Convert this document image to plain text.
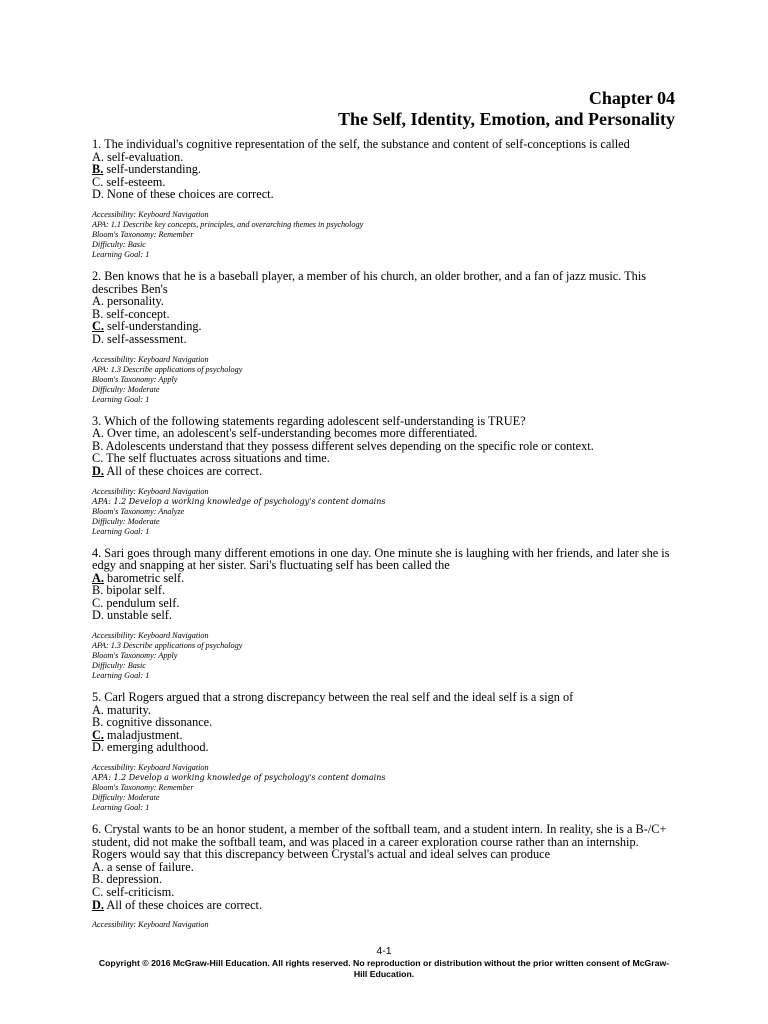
Chapter 04
The Self, Identity, Emotion, and Personality
1. The individual's cognitive representation of the self, the substance and content of self-conceptions is called
A. self-evaluation.
B. self-understanding.
C. self-esteem.
D. None of these choices are correct.
Accessibility: Keyboard Navigation
APA: 1.1 Describe key concepts, principles, and overarching themes in psychology
Bloom's Taxonomy: Remember
Difficulty: Basic
Learning Goal: 1
2. Ben knows that he is a baseball player, a member of his church, an older brother, and a fan of jazz music. This describes Ben's
A. personality.
B. self-concept.
C. self-understanding.
D. self-assessment.
Accessibility: Keyboard Navigation
APA: 1.3 Describe applications of psychology
Bloom's Taxonomy: Apply
Difficulty: Moderate
Learning Goal: 1
3. Which of the following statements regarding adolescent self-understanding is TRUE?
A. Over time, an adolescent's self-understanding becomes more differentiated.
B. Adolescents understand that they possess different selves depending on the specific role or context.
C. The self fluctuates across situations and time.
D. All of these choices are correct.
Accessibility: Keyboard Navigation
APA: 1.2 Develop a working knowledge of psychology's content domains
Bloom's Taxonomy: Analyze
Difficulty: Moderate
Learning Goal: 1
4. Sari goes through many different emotions in one day. One minute she is laughing with her friends, and later she is edgy and snapping at her sister. Sari's fluctuating self has been called the
A. barometric self.
B. bipolar self.
C. pendulum self.
D. unstable self.
Accessibility: Keyboard Navigation
APA: 1.3 Describe applications of psychology
Bloom's Taxonomy: Apply
Difficulty: Basic
Learning Goal: 1
5. Carl Rogers argued that a strong discrepancy between the real self and the ideal self is a sign of
A. maturity.
B. cognitive dissonance.
C. maladjustment.
D. emerging adulthood.
Accessibility: Keyboard Navigation
APA: 1.2 Develop a working knowledge of psychology's content domains
Bloom's Taxonomy: Remember
Difficulty: Moderate
Learning Goal: 1
6. Crystal wants to be an honor student, a member of the softball team, and a student intern. In reality, she is a B-/C+ student, did not make the softball team, and was placed in a career exploration course rather than an internship. Rogers would say that this discrepancy between Crystal's actual and ideal selves can produce
A. a sense of failure.
B. depression.
C. self-criticism.
D. All of these choices are correct.
Accessibility: Keyboard Navigation
4-1
Copyright © 2016 McGraw-Hill Education. All rights reserved. No reproduction or distribution without the prior written consent of McGraw-Hill Education.
